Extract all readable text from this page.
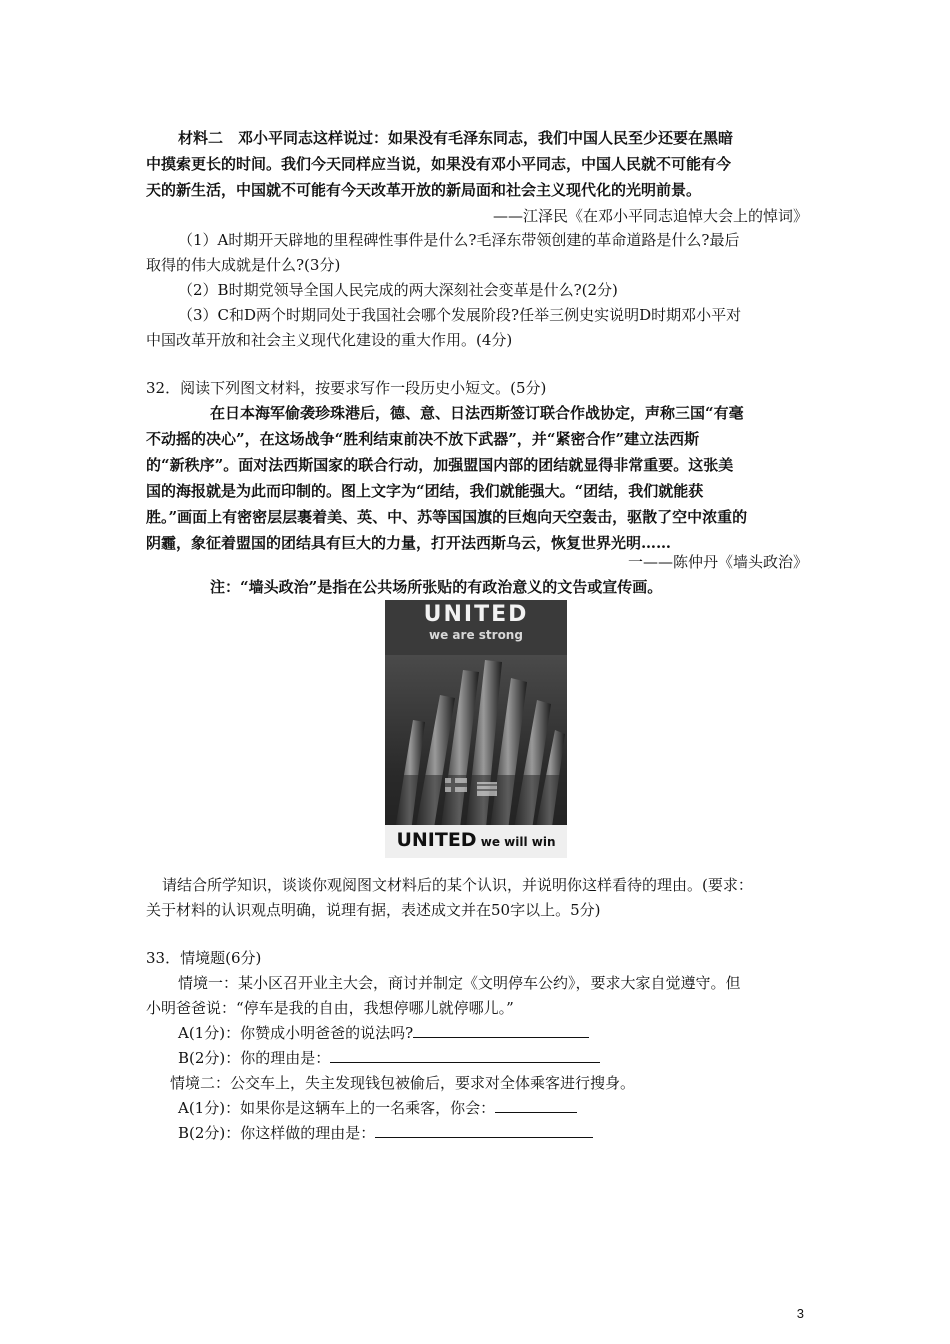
材料二　邓小平同志这样说过：如果没有毛泽东同志，我们中国人民至少还要在黑暗
中摸索更长的时间。我们今天同样应当说，如果没有邓小平同志，中国人民就不可能有今
天的新生活，中国就不可能有今天改革开放的新局面和社会主义现代化的光明前景。
——江泽民《在邓小平同志追悼大会上的悼词》
（1）A时期开天辟地的里程碑性事件是什么?毛泽东带领创建的革命道路是什么?最后
取得的伟大成就是什么?(3分)
（2）B时期党领导全国人民完成的两大深刻社会变革是什么?(2分)
（3）C和D两个时期同处于我国社会哪个发展阶段?任举三例史实说明D时期邓小平对
中国改革开放和社会主义现代化建设的重大作用。(4分)
32．阅读下列图文材料，按要求写作一段历史小短文。(5分)
在日本海军偷袭珍珠港后，德、意、日法西斯签订联合作战协定，声称三国“有毫
不动摇的决心”，在这场战争“胜利结束前决不放下武器”，并“紧密合作”建立法西斯
的“新秩序”。面对法西斯国家的联合行动，加强盟国内部的团结就显得非常重要。这张美
国的海报就是为此而印制的。图上文字为“团结，我们就能强大。“团结，我们就能获
胜。”画面上有密密层层裹着美、英、中、苏等国国旗的巨炮向天空轰击，驱散了空中浓重的
阴霾，象征着盟国的团结具有巨大的力量，打开法西斯乌云，恢复世界光明……
一——陈仲丹《墙头政治》
注：“墙头政治”是指在公共场所张贴的有政治意义的文告或宣传画。
UNITED
we are strong
UNITED we will win
请结合所学知识，谈谈你观阅图文材料后的某个认识，并说明你这样看待的理由。(要求：
关于材料的认识观点明确，说理有据，表述成文并在50字以上。5分)
33．情境题(6分)
情境一：某小区召开业主大会，商讨并制定《文明停车公约》，要求大家自觉遵守。但
小明爸爸说：“停车是我的自由，我想停哪儿就停哪儿。”
A(1分)：你赞成小明爸爸的说法吗?
B(2分)：你的理由是：
情境二：公交车上，失主发现钱包被偷后，要求对全体乘客进行搜身。
A(1分)：如果你是这辆车上的一名乘客，你会：
B(2分)：你这样做的理由是：
3
